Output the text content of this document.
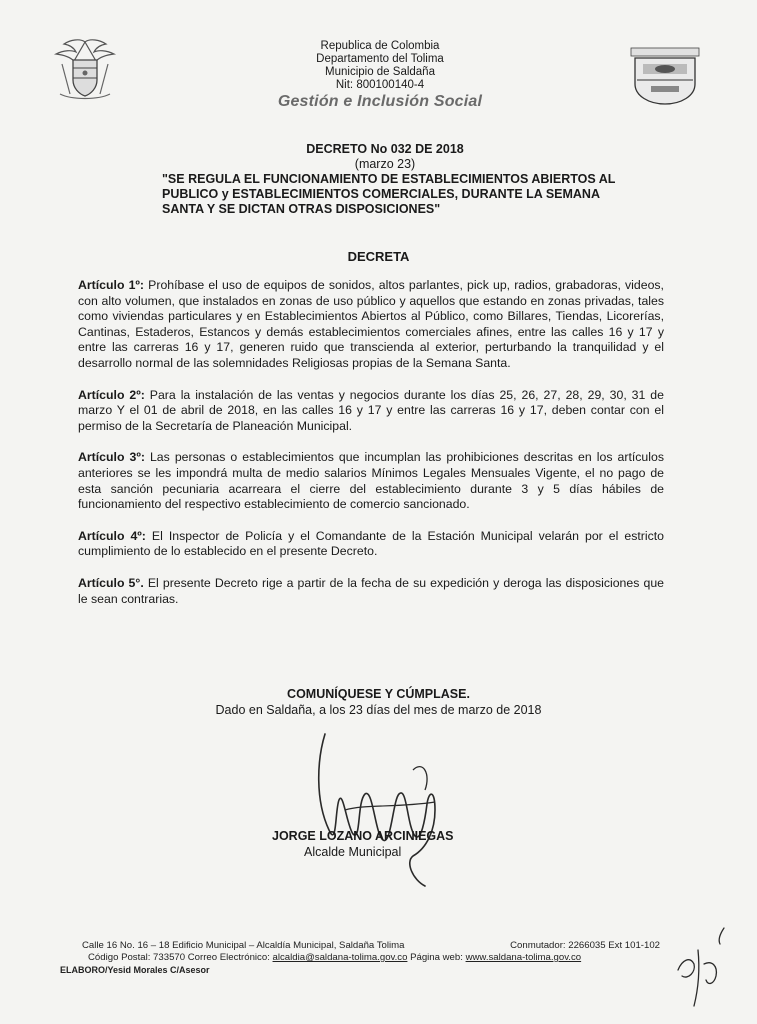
Republica de Colombia
Departamento del Tolima
Municipio de Saldaña
Nit: 800100140-4
Gestión e Inclusión Social
DECRETO No 032 DE 2018
(marzo 23)
"SE REGULA EL FUNCIONAMIENTO DE ESTABLECIMIENTOS ABIERTOS AL
PUBLICO y ESTABLECIMIENTOS COMERCIALES, DURANTE LA SEMANA
SANTA Y SE DICTAN OTRAS DISPOSICIONES"
DECRETA

Artículo 1º: Prohíbase el uso de equipos de sonidos, altos parlantes, pick up, radios, grabadoras, videos, con alto volumen, que instalados en zonas de uso público y aquellos que estando en zonas privadas, tales como viviendas particulares y en Establecimientos Abiertos al Público, como Billares, Tiendas, Licorerías, Cantinas, Estaderos, Estancos y demás establecimientos comerciales afines, entre las calles 16 y 17 y entre las carreras 16 y 17, generen ruido que transcienda al exterior, perturbando la tranquilidad y el desarrollo normal de las solemnidades Religiosas propias de la Semana Santa.

Artículo 2º: Para la instalación de las ventas y negocios durante los días 25, 26, 27, 28, 29, 30, 31 de marzo Y el 01 de abril de 2018, en las calles 16 y 17 y entre las carreras 16 y 17, deben contar con el permiso de la Secretaría de Planeación Municipal.

Artículo 3º: Las personas o establecimientos que incumplan las prohibiciones descritas en los artículos anteriores se les impondrá multa de medio salarios Mínimos Legales Mensuales Vigente, el no pago de esta sanción pecuniaria acarreara el cierre del establecimiento durante 3 y 5 días hábiles de funcionamiento del respectivo establecimiento de comercio sancionado.

Artículo 4º: El Inspector de Policía y el Comandante de la Estación Municipal velarán por el estricto cumplimiento de lo establecido en el presente Decreto.

Artículo 5°. El presente Decreto rige a partir de la fecha de su expedición y deroga las disposiciones que le sean contrarias.

COMUNÍQUESE Y CÚMPLASE.
Dado en Saldaña, a los 23 días del mes de marzo de 2018
JORGE LOZANO ARCINIEGAS
Alcalde Municipal
Calle 16 No. 16 – 18 Edificio Municipal – Alcaldía Municipal, Saldaña Tolima	Conmutador: 2266035 Ext 101-102
Código Postal: 733570 Correo Electrónico: alcaldia@saldana-tolima.gov.co Página web: www.saldana-tolima.gov.co
ELABORO/Yesid Morales C/Asesor
